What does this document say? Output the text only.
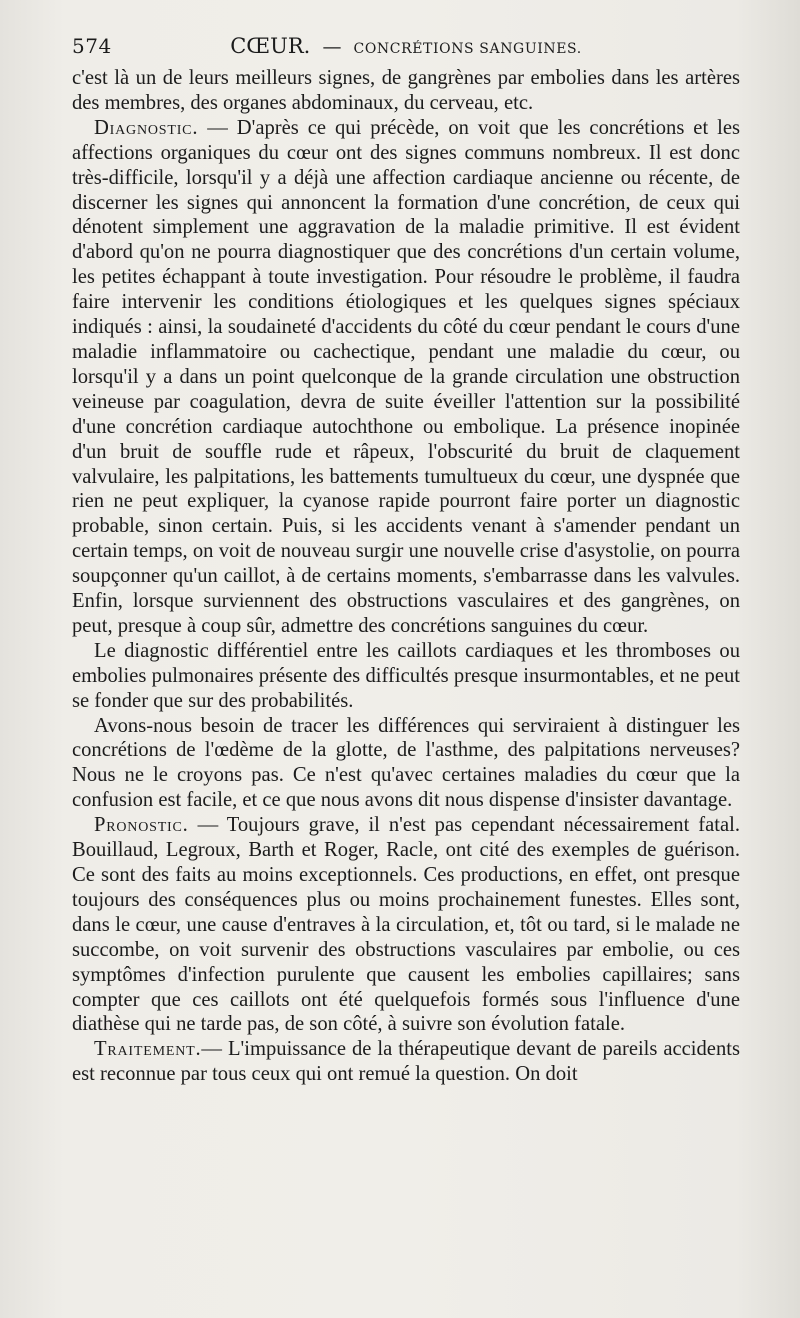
574	CŒUR. — CONCRÉTIONS SANGUINES.

c'est là un de leurs meilleurs signes, de gangrènes par embolies dans les artères des membres, des organes abdominaux, du cerveau, etc.

Diagnostic. — D'après ce qui précède, on voit que les concrétions et les affections organiques du cœur ont des signes communs nombreux. Il est donc très-difficile, lorsqu'il y a déjà une affection cardiaque ancienne ou récente, de discerner les signes qui annoncent la formation d'une concrétion, de ceux qui dénotent simplement une aggravation de la maladie primitive. Il est évident d'abord qu'on ne pourra diagnostiquer que des concrétions d'un certain volume, les petites échappant à toute investigation. Pour résoudre le problème, il faudra faire intervenir les conditions étiologiques et les quelques signes spéciaux indiqués : ainsi, la soudaineté d'accidents du côté du cœur pendant le cours d'une maladie inflammatoire ou cachectique, pendant une maladie du cœur, ou lorsqu'il y a dans un point quelconque de la grande circulation une obstruction veineuse par coagulation, devra de suite éveiller l'attention sur la possibilité d'une concrétion cardiaque autochthone ou embolique. La présence inopinée d'un bruit de souffle rude et râpeux, l'obscurité du bruit de claquement valvulaire, les palpitations, les battements tumultueux du cœur, une dyspnée que rien ne peut expliquer, la cyanose rapide pourront faire porter un diagnostic probable, sinon certain. Puis, si les accidents venant à s'amender pendant un certain temps, on voit de nouveau surgir une nouvelle crise d'asystolie, on pourra soupçonner qu'un caillot, à de certains moments, s'embarrasse dans les valvules. Enfin, lorsque surviennent des obstructions vasculaires et des gangrènes, on peut, presque à coup sûr, admettre des concrétions sanguines du cœur.

Le diagnostic différentiel entre les caillots cardiaques et les thromboses ou embolies pulmonaires présente des difficultés presque insurmontables, et ne peut se fonder que sur des probabilités.

Avons-nous besoin de tracer les différences qui serviraient à distinguer les concrétions de l'œdème de la glotte, de l'asthme, des palpitations nerveuses? Nous ne le croyons pas. Ce n'est qu'avec certaines maladies du cœur que la confusion est facile, et ce que nous avons dit nous dispense d'insister davantage.

Pronostic. — Toujours grave, il n'est pas cependant nécessairement fatal. Bouillaud, Legroux, Barth et Roger, Racle, ont cité des exemples de guérison. Ce sont des faits au moins exceptionnels. Ces productions, en effet, ont presque toujours des conséquences plus ou moins prochainement funestes. Elles sont, dans le cœur, une cause d'entraves à la circulation, et, tôt ou tard, si le malade ne succombe, on voit survenir des obstructions vasculaires par embolie, ou ces symptômes d'infection purulente que causent les embolies capillaires; sans compter que ces caillots ont été quelquefois formés sous l'influence d'une diathèse qui ne tarde pas, de son côté, à suivre son évolution fatale.

Traitement.— L'impuissance de la thérapeutique devant de pareils accidents est reconnue par tous ceux qui ont remué la question. On doit
